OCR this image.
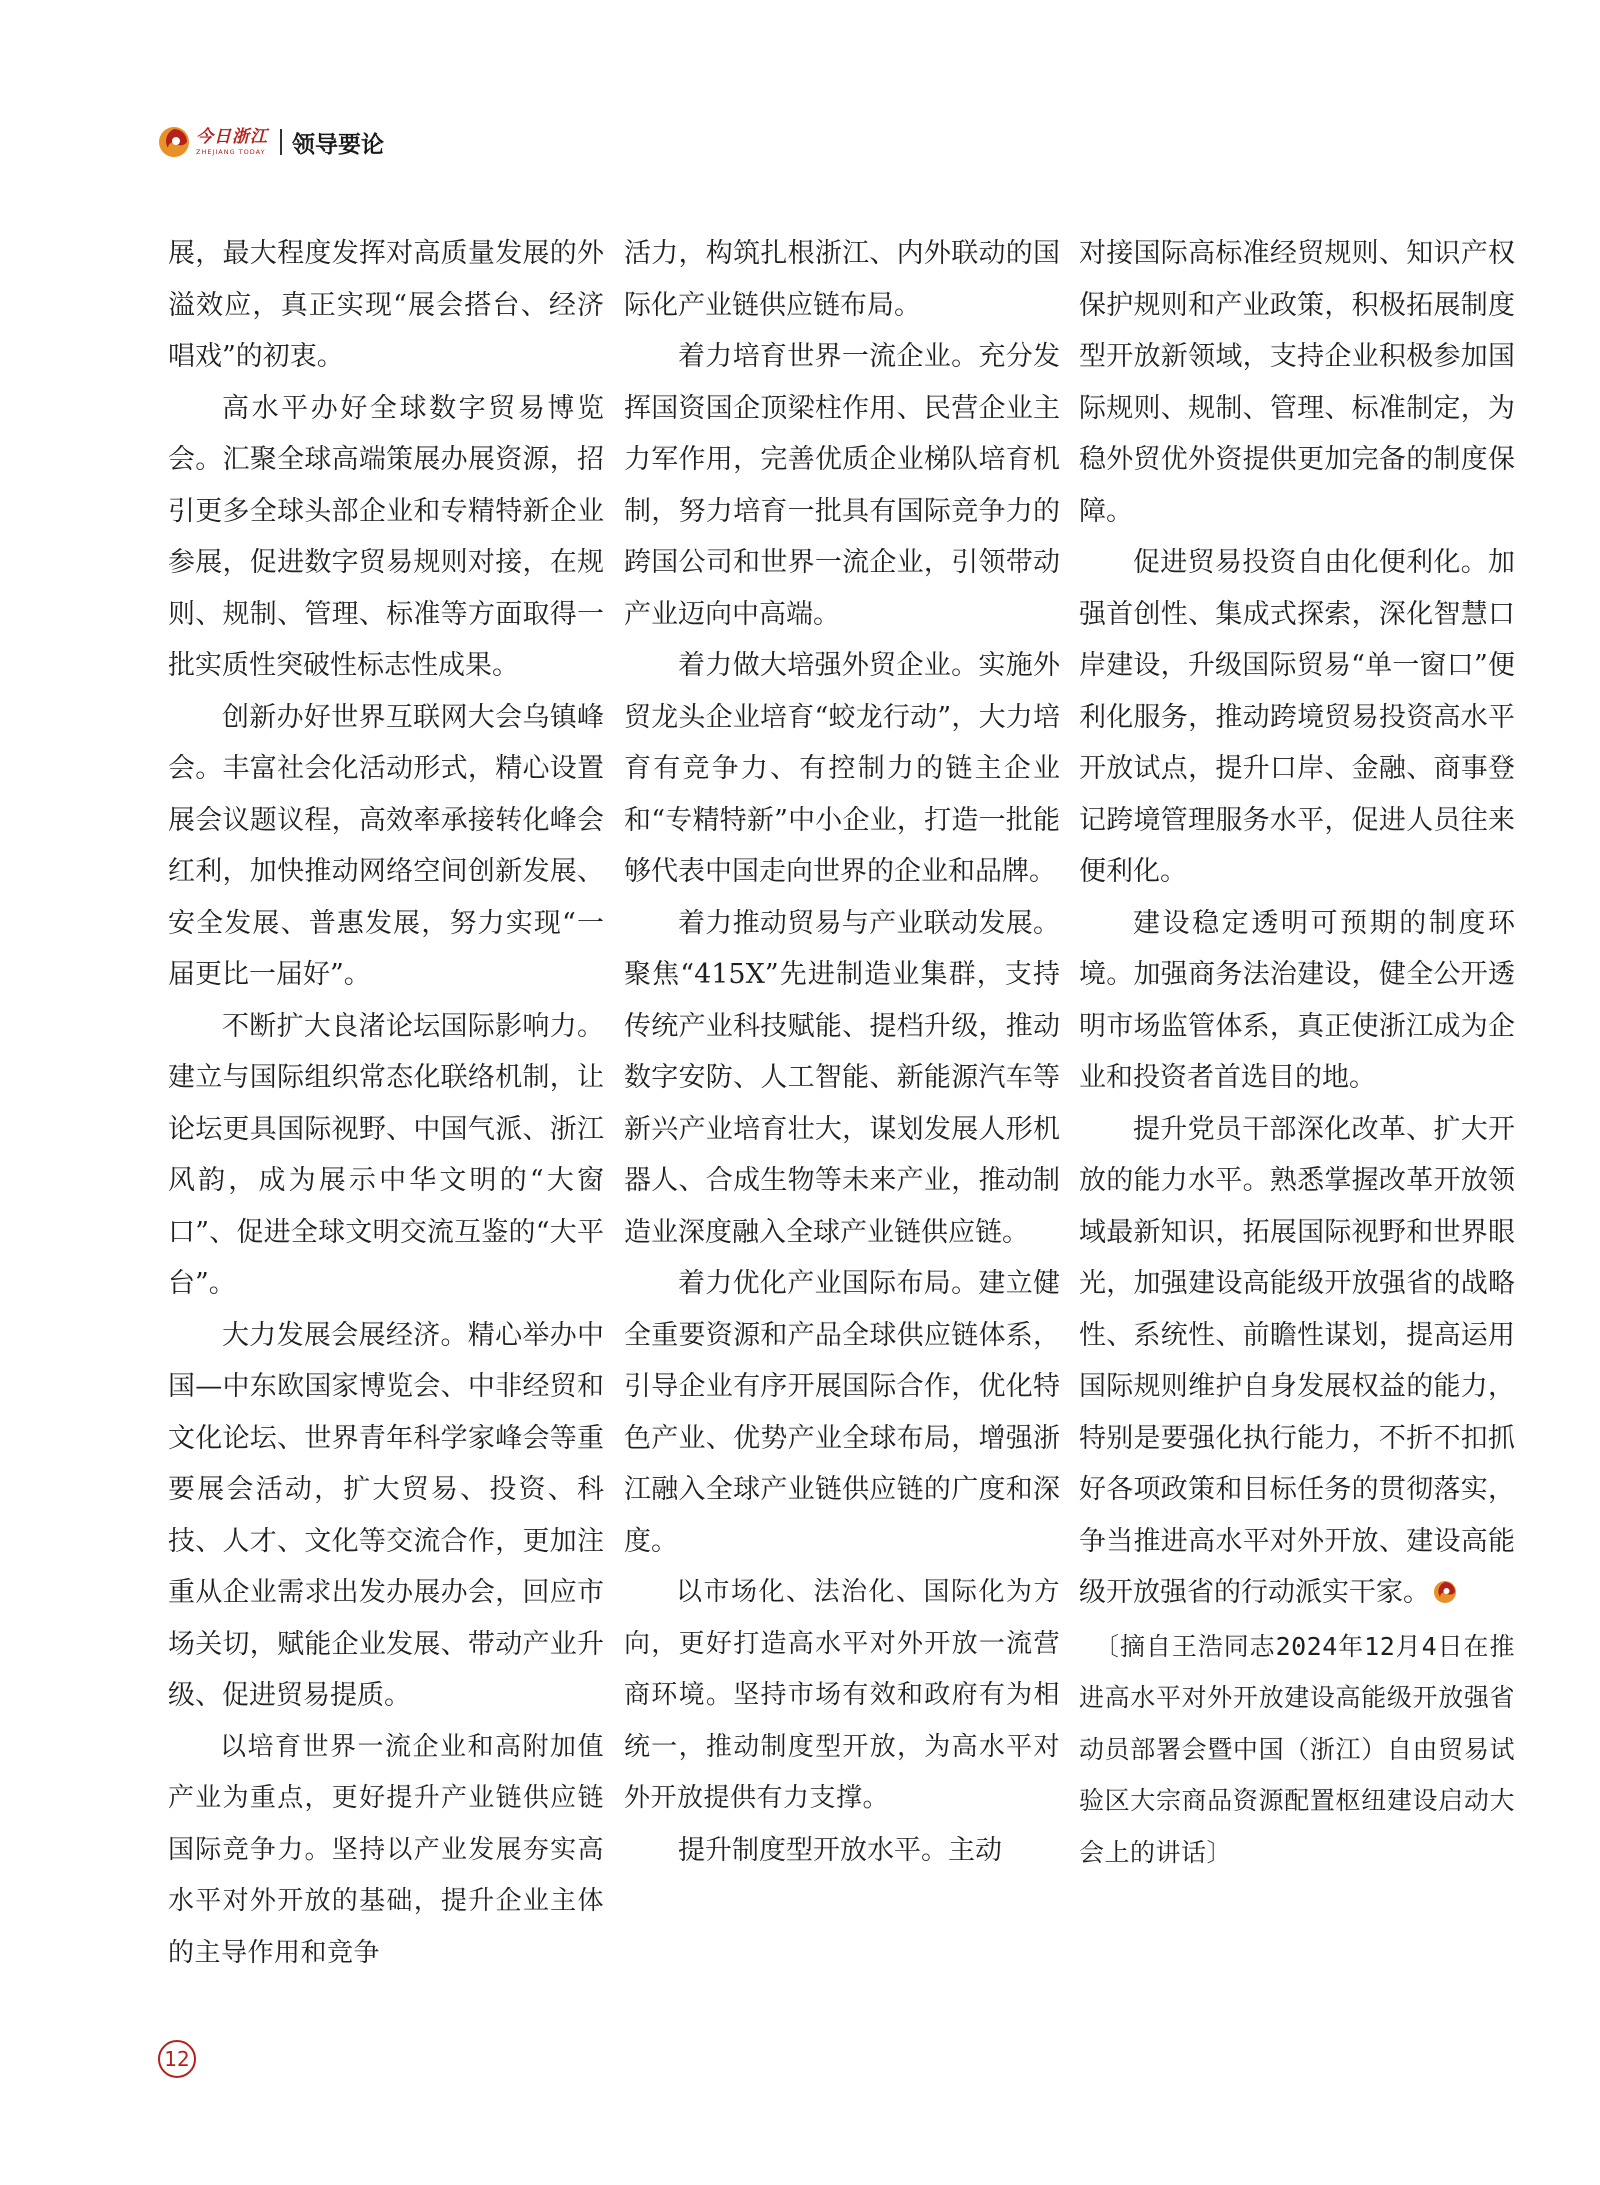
今日浙江
ZHEJIANG TODAY 领导要论

展，最大程度发挥对高质量发展的外溢效应，真正实现“展会搭台、经济唱戏”的初衷。

高水平办好全球数字贸易博览会。汇聚全球高端策展办展资源，招引更多全球头部企业和专精特新企业参展，促进数字贸易规则对接，在规则、规制、管理、标准等方面取得一批实质性突破性标志性成果。

创新办好世界互联网大会乌镇峰会。丰富社会化活动形式，精心设置展会议题议程，高效率承接转化峰会红利，加快推动网络空间创新发展、安全发展、普惠发展，努力实现“一届更比一届好”。

不断扩大良渚论坛国际影响力。建立与国际组织常态化联络机制，让论坛更具国际视野、中国气派、浙江风韵，成为展示中华文明的“大窗口”、促进全球文明交流互鉴的“大平台”。

大力发展会展经济。精心举办中国—中东欧国家博览会、中非经贸和文化论坛、世界青年科学家峰会等重要展会活动，扩大贸易、投资、科技、人才、文化等交流合作，更加注重从企业需求出发办展办会，回应市场关切，赋能企业发展、带动产业升级、促进贸易提质。

以培育世界一流企业和高附加值产业为重点，更好提升产业链供应链国际竞争力。坚持以产业发展夯实高水平对外开放的基础，提升企业主体的主导作用和竞争

活力，构筑扎根浙江、内外联动的国际化产业链供应链布局。

着力培育世界一流企业。充分发挥国资国企顶梁柱作用、民营企业主力军作用，完善优质企业梯队培育机制，努力培育一批具有国际竞争力的跨国公司和世界一流企业，引领带动产业迈向中高端。

着力做大培强外贸企业。实施外贸龙头企业培育“蛟龙行动”，大力培育有竞争力、有控制力的链主企业和“专精特新”中小企业，打造一批能够代表中国走向世界的企业和品牌。

着力推动贸易与产业联动发展。聚焦“415X”先进制造业集群，支持传统产业科技赋能、提档升级，推动数字安防、人工智能、新能源汽车等新兴产业培育壮大，谋划发展人形机器人、合成生物等未来产业，推动制造业深度融入全球产业链供应链。

着力优化产业国际布局。建立健全重要资源和产品全球供应链体系，引导企业有序开展国际合作，优化特色产业、优势产业全球布局，增强浙江融入全球产业链供应链的广度和深度。

以市场化、法治化、国际化为方向，更好打造高水平对外开放一流营商环境。坚持市场有效和政府有为相统一，推动制度型开放，为高水平对外开放提供有力支撑。

提升制度型开放水平。主动

对接国际高标准经贸规则、知识产权保护规则和产业政策，积极拓展制度型开放新领域，支持企业积极参加国际规则、规制、管理、标准制定，为稳外贸优外资提供更加完备的制度保障。

促进贸易投资自由化便利化。加强首创性、集成式探索，深化智慧口岸建设，升级国际贸易“单一窗口”便利化服务，推动跨境贸易投资高水平开放试点，提升口岸、金融、商事登记跨境管理服务水平，促进人员往来便利化。

建设稳定透明可预期的制度环境。加强商务法治建设，健全公开透明市场监管体系，真正使浙江成为企业和投资者首选目的地。

提升党员干部深化改革、扩大开放的能力水平。熟悉掌握改革开放领域最新知识，拓展国际视野和世界眼光，加强建设高能级开放强省的战略性、系统性、前瞻性谋划，提高运用国际规则维护自身发展权益的能力，特别是要强化执行能力，不折不扣抓好各项政策和目标任务的贯彻落实，争当推进高水平对外开放、建设高能级开放强省的行动派实干家。

〔摘自王浩同志2024年12月4日在推进高水平对外开放建设高能级开放强省动员部署会暨中国（浙江）自由贸易试验区大宗商品资源配置枢纽建设启动大会上的讲话〕

12
